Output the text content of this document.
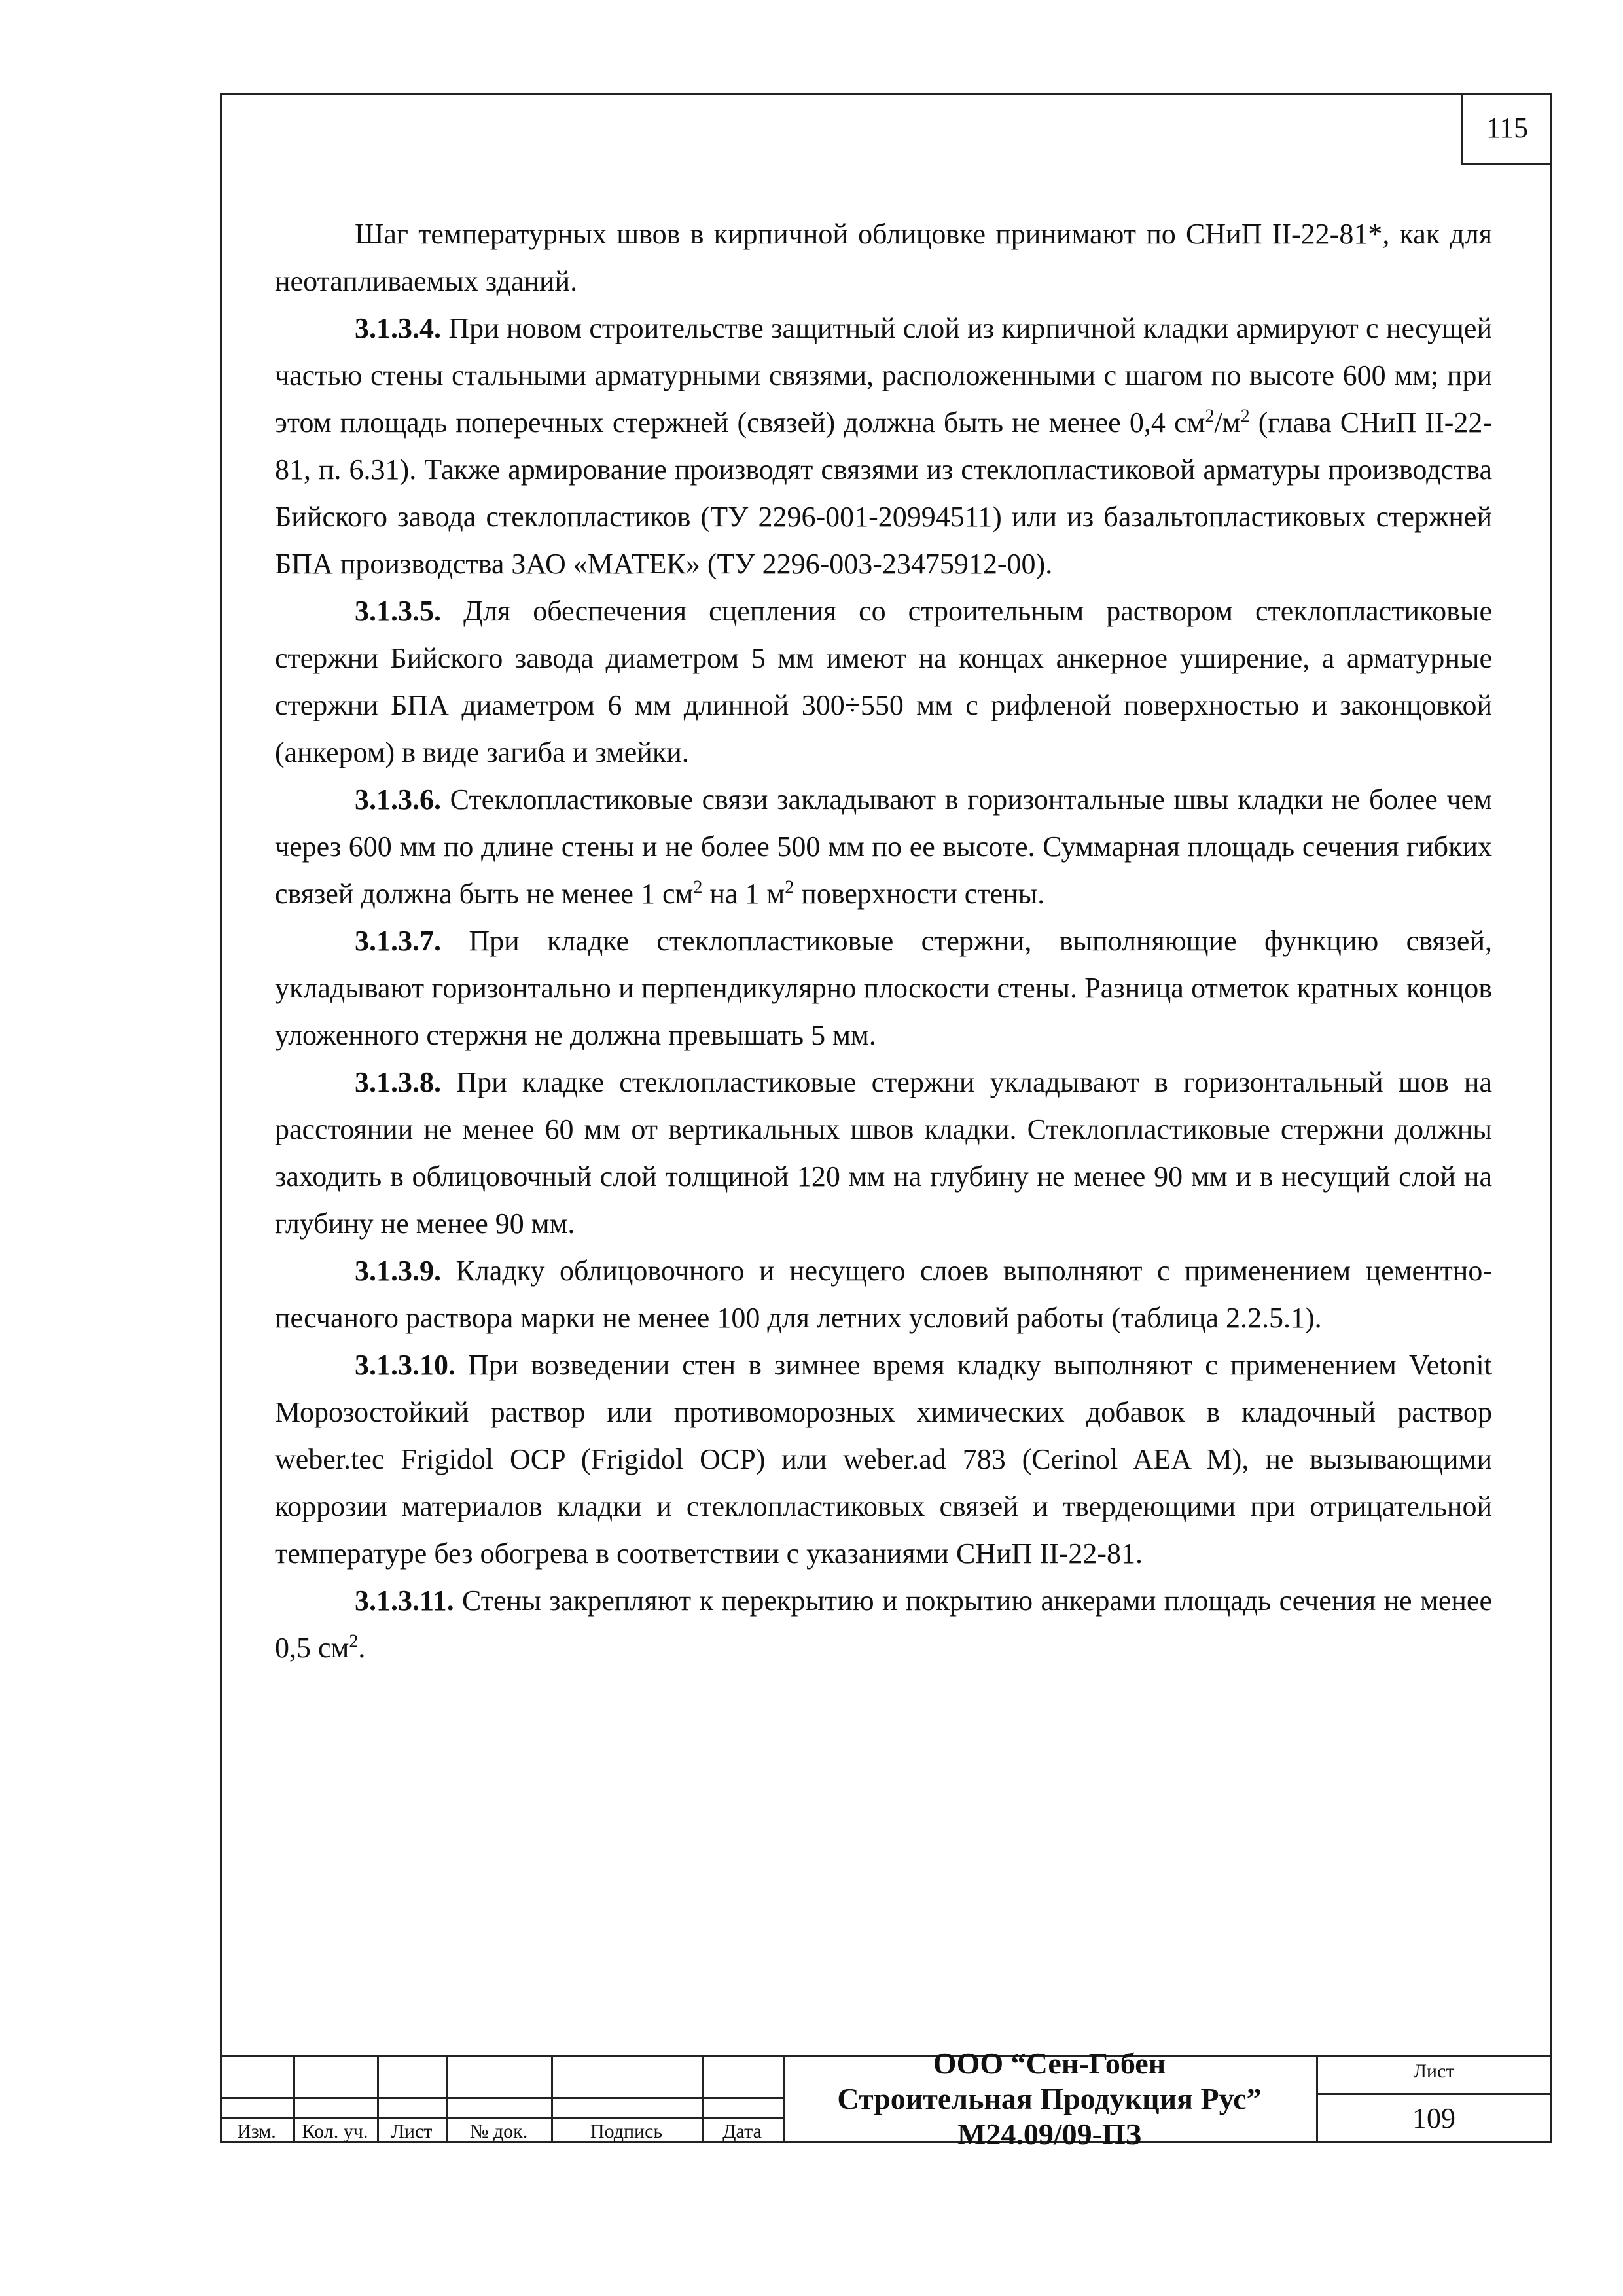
115

Шаг температурных швов в кирпичной облицовке принимают по СНиП II-22-81*, как для неотапливаемых зданий.

3.1.3.4. При новом строительстве защитный слой из кирпичной кладки армируют с несущей частью стены стальными арматурными связями, расположенными с шагом по высоте 600 мм; при этом площадь поперечных стержней (связей) должна быть не менее 0,4 $см^2/м^2$ (глава СНиП II-22-81, п. 6.31). Также армирование производят связями из стеклопластиковой арматуры производства Бийского завода стеклопластиков (ТУ 2296-001-20994511) или из базальтопластиковых стержней БПА производства ЗАО «МАТЕК» (ТУ 2296-003-23475912-00).

3.1.3.5. Для обеспечения сцепления со строительным раствором стеклопластиковые стержни Бийского завода диаметром 5 мм имеют на концах анкерное уширение, а арматурные стержни БПА диаметром 6 мм длинной 300÷550 мм с рифленой поверхностью и законцовкой (анкером) в виде загиба и змейки.

3.1.3.6. Стеклопластиковые связи закладывают в горизонтальные швы кладки не более чем через 600 мм по длине стены и не более 500 мм по ее высоте. Суммарная площадь сечения гибких связей должна быть не менее 1 $см^2$ на 1 $м^2$ поверхности стены.

3.1.3.7. При кладке стеклопластиковые стержни, выполняющие функцию связей, укладывают горизонтально и перпендикулярно плоскости стены. Разница отметок кратных концов уложенного стержня не должна превышать 5 мм.

3.1.3.8. При кладке стеклопластиковые стержни укладывают в горизонтальный шов на расстоянии не менее 60 мм от вертикальных швов кладки. Стеклопластиковые стержни должны заходить в облицовочный слой толщиной 120 мм на глубину не менее 90 мм и в несущий слой на глубину не менее 90 мм.

3.1.3.9. Кладку облицовочного и несущего слоев выполняют с применением цементно-песчаного раствора марки не менее 100 для летних условий работы (таблица 2.2.5.1).

3.1.3.10. При возведении стен в зимнее время кладку выполняют с применением Vetonit Морозостойкий раствор или противоморозных химических добавок в кладочный раствор weber.tec Frigidol OCP (Frigidol OCP) или weber.ad 783 (Cerinol AEA M), не вызывающими коррозии материалов кладки и стеклопластиковых связей и твердеющими при отрицательной температуре без обогрева в соответствии с указаниями СНиП II-22-81.

3.1.3.11. Стены закрепляют к перекрытию и покрытию анкерами площадь сечения не менее 0,5 $см^2$.

Изм.	Кол. уч.	Лист	№ док.	Подпись	Дата
ООО “Сен-Гобен
Строительная Продукция Рус”
М24.09/09-ПЗ
Лист
109
